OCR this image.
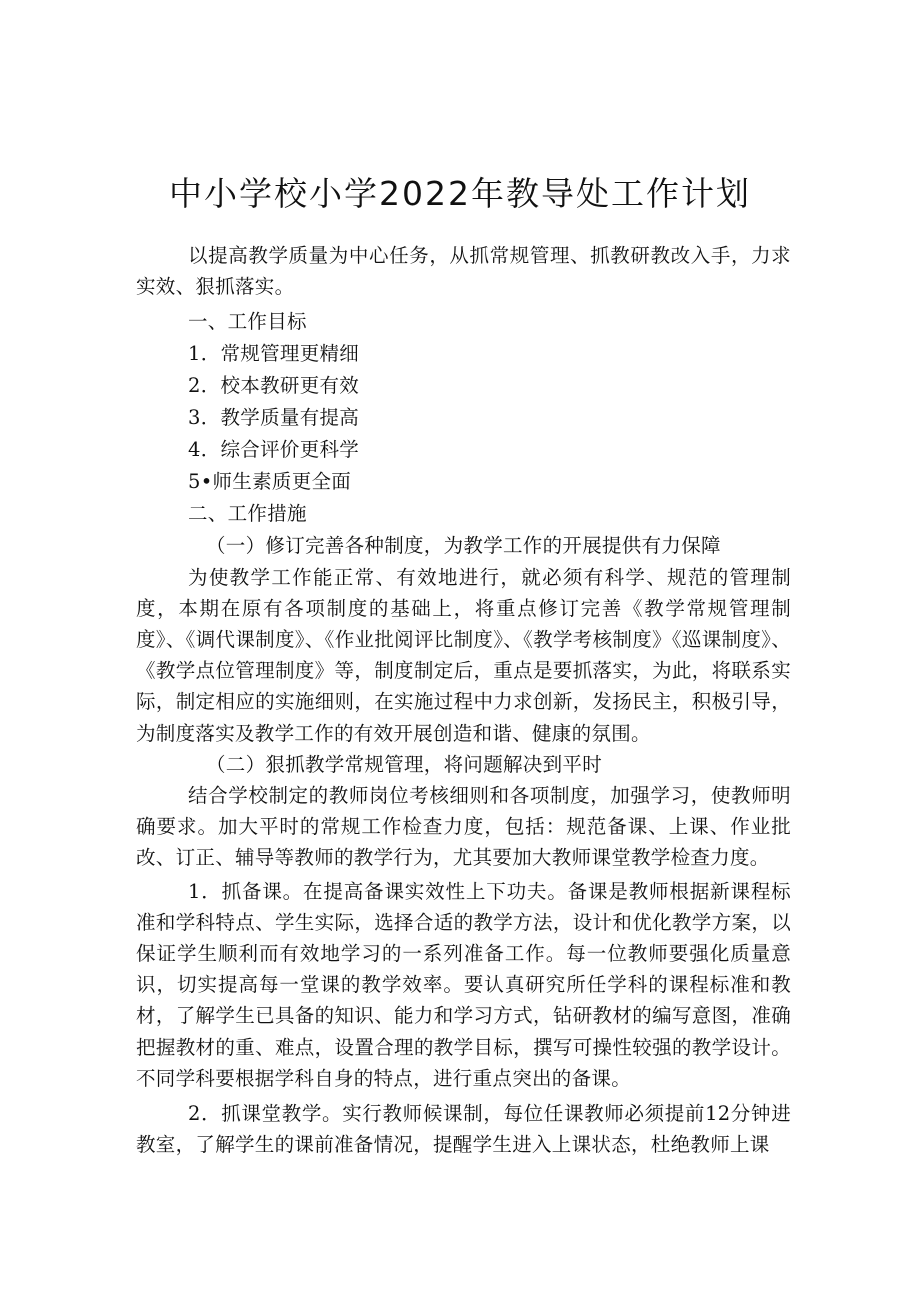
中小学校小学2022年教导处工作计划

以提高教学质量为中心任务，从抓常规管理、抓教研教改入手，力求实效、狠抓落实。

一、工作目标

1．常规管理更精细

2．校本教研更有效

3．教学质量有提高

4．综合评价更科学

5•师生素质更全面

二、工作措施

（一）修订完善各种制度，为教学工作的开展提供有力保障

为使教学工作能正常、有效地进行，就必须有科学、规范的管理制度，本期在原有各项制度的基础上，将重点修订完善《教学常规管理制度》、《调代课制度》、《作业批阅评比制度》、《教学考核制度》《巡课制度》、《教学点位管理制度》等，制度制定后，重点是要抓落实，为此，将联系实际，制定相应的实施细则，在实施过程中力求创新，发扬民主，积极引导，为制度落实及教学工作的有效开展创造和谐、健康的氛围。

（二）狠抓教学常规管理，将问题解决到平时

结合学校制定的教师岗位考核细则和各项制度，加强学习，使教师明确要求。加大平时的常规工作检查力度，包括：规范备课、上课、作业批改、订正、辅导等教师的教学行为，尤其要加大教师课堂教学检查力度。

1．抓备课。在提高备课实效性上下功夫。备课是教师根据新课程标准和学科特点、学生实际，选择合适的教学方法，设计和优化教学方案，以保证学生顺利而有效地学习的一系列准备工作。每一位教师要强化质量意识，切实提高每一堂课的教学效率。要认真研究所任学科的课程标准和教材，了解学生已具备的知识、能力和学习方式，钻研教材的编写意图，准确把握教材的重、难点，设置合理的教学目标，撰写可操性较强的教学设计。不同学科要根据学科自身的特点，进行重点突出的备课。

2．抓课堂教学。实行教师候课制，每位任课教师必须提前12分钟进教室，了解学生的课前准备情况，提醒学生进入上课状态，杜绝教师上课
